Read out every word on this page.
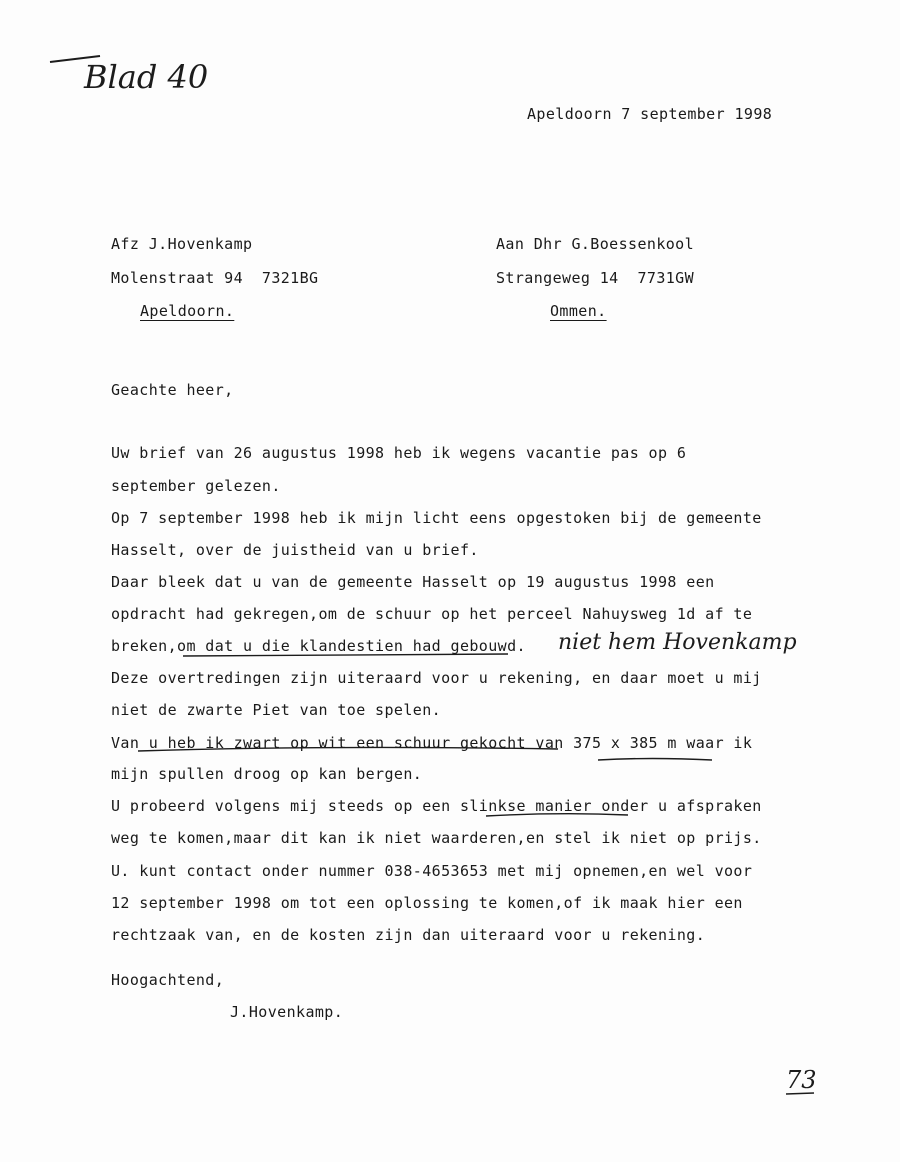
Blad 40
Apeldoorn 7 september 1998
Afz J.Hovenkamp
Molenstraat 94  7321BG
Apeldoorn.
Aan Dhr G.Boessenkool
Strangeweg 14  7731GW
Ommen.
Geachte heer,
Uw brief van 26 augustus 1998 heb ik wegens vacantie pas op 6
september gelezen.
Op 7 september 1998 heb ik mijn licht eens opgestoken bij de gemeente
Hasselt, over de juistheid van u brief.
Daar bleek dat u van de gemeente Hasselt op 19 augustus 1998 een
opdracht had gekregen,om de schuur op het perceel Nahuysweg 1d af te
breken,om dat u die klandestien had gebouwd.
Deze overtredingen zijn uiteraard voor u rekening, en daar moet u mij
niet de zwarte Piet van toe spelen.
Van u heb ik zwart op wit een schuur gekocht van 375 x 385 m waar ik
mijn spullen droog op kan bergen.
U probeerd volgens mij steeds op een slinkse manier onder u afspraken
weg te komen,maar dit kan ik niet waarderen,en stel ik niet op prijs.
U. kunt contact onder nummer 038-4653653 met mij opnemen,en wel voor
12 september 1998 om tot een oplossing te komen,of ik maak hier een
rechtzaak van, en de kosten zijn dan uiteraard voor u rekening.
niet hem Hovenkamp
Hoogachtend,
J.Hovenkamp.
73
